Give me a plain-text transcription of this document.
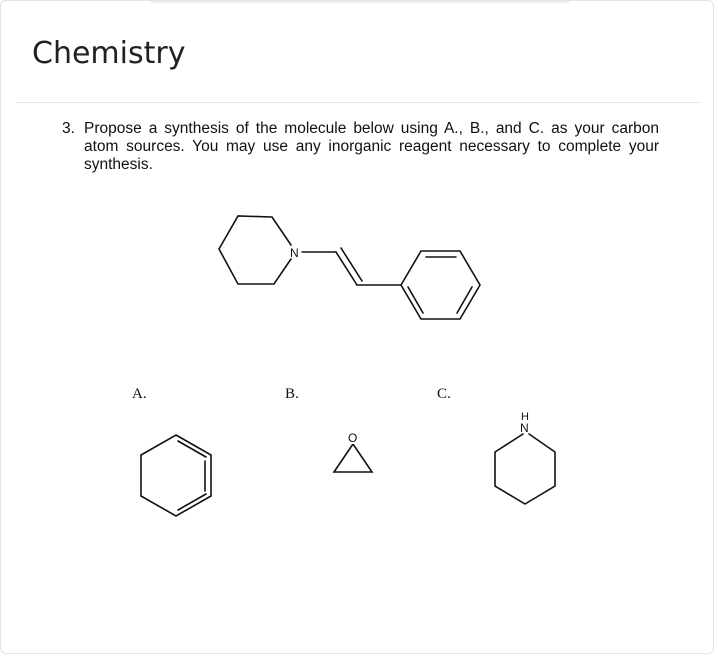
Chemistry
3. Propose a synthesis of the molecule below using A., B., and C. as your carbon
atom sources. You may use any inorganic reagent necessary to complete your
synthesis.
N
A.	B.	C.
O
H
N
